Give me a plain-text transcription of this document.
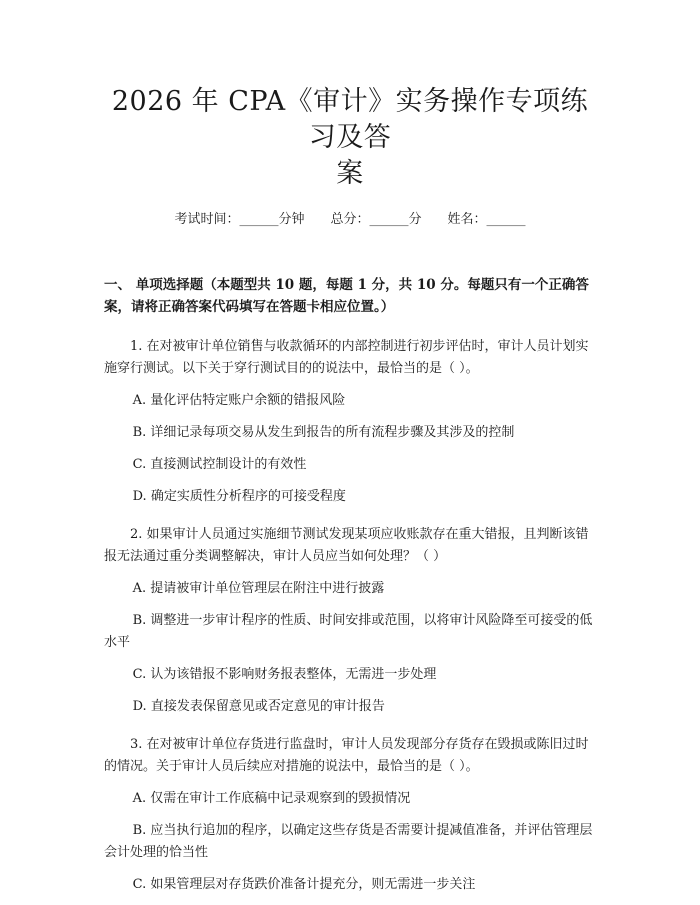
2026 年 CPA《审计》实务操作专项练习及答
案
考试时间：______分钟 总分：______分 姓名：______
一、 单项选择题（本题型共 10 题，每题 1 分，共 10 分。每题只有一个正确答案，请将正确答案代码填写在答题卡相应位置。）
1. 在对被审计单位销售与收款循环的内部控制进行初步评估时，审计人员计划实施穿行测试。以下关于穿行测试目的的说法中，最恰当的是（ ）。
A. 量化评估特定账户余额的错报风险
B. 详细记录每项交易从发生到报告的所有流程步骤及其涉及的控制
C. 直接测试控制设计的有效性
D. 确定实质性分析程序的可接受程度
2. 如果审计人员通过实施细节测试发现某项应收账款存在重大错报，且判断该错报无法通过重分类调整解决，审计人员应当如何处理？（ ）
A. 提请被审计单位管理层在附注中进行披露
B. 调整进一步审计程序的性质、时间安排或范围，以将审计风险降至可接受的低水平
C. 认为该错报不影响财务报表整体，无需进一步处理
D. 直接发表保留意见或否定意见的审计报告
3. 在对被审计单位存货进行监盘时，审计人员发现部分存货存在毁损或陈旧过时的情况。关于审计人员后续应对措施的说法中，最恰当的是（ ）。
A. 仅需在审计工作底稿中记录观察到的毁损情况
B. 应当执行追加的程序，以确定这些存货是否需要计提减值准备，并评估管理层会计处理的恰当性
C. 如果管理层对存货跌价准备计提充分，则无需进一步关注
